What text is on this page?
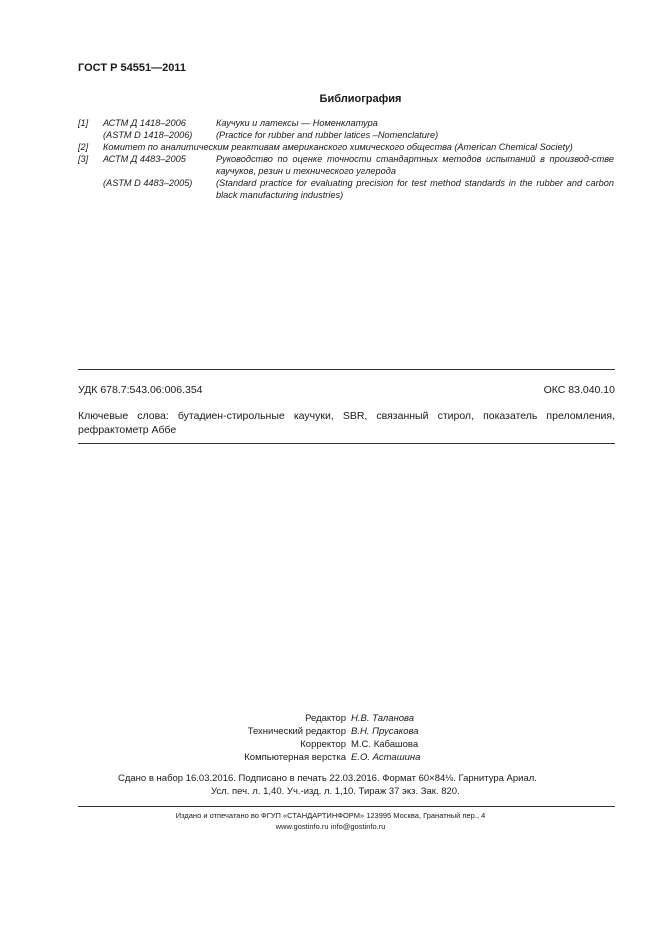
ГОСТ Р 54551—2011
Библиография
[1] АСТМ Д 1418–2006	Каучуки и латексы — Номенклатура
(ASTM D 1418–2006)	(Practice for rubber and rubber latices –Nomenclature)
[2] Комитет по аналитическим реактивам американского химического общества (American Chemical Society)
[3] АСТМ Д 4483–2005	Руководство по оценке точности стандартных методов испытаний в производ-стве каучуков, резин и технического углерода
(ASTM D 4483–2005)	(Standard practice for evaluating precision for test method standards in the rubber and carbon black manufacturing industries)
УДК 678.7:543.06:006.354	ОКС 83.040.10
Ключевые слова: бутадиен-стирольные каучуки, SBR, связанный стирол, показатель преломления, рефрактометр Аббе
Редактор Н.В. Таланова
Технический редактор В.Н. Прусакова
Корректор М.С. Кабашова
Компьютерная верстка Е.О. Асташина
Сдано в набор 16.03.2016. Подписано в печать 22.03.2016. Формат 60×84⅛. Гарнитура Ариал.
Усл. печ. л. 1,40. Уч.-изд. л. 1,10. Тираж 37 экз. Зак. 820.
Издано и отпечатано во ФГУП «СТАНДАРТИНФОРМ» 123995 Москва, Гранатный пер., 4
www.gostinfo.ru info@gostinfo.ru
